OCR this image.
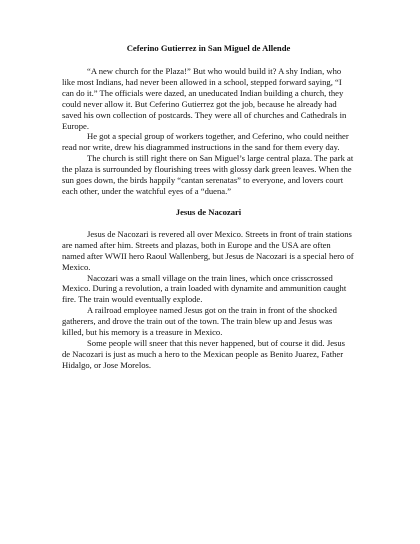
Ceferino Gutierrez in San Miguel de Allende

“A new church for the Plaza!” But who would build it? A shy Indian, who like most Indians, had never been allowed in a school, stepped forward saying, “I can do it.” The officials were dazed, an uneducated Indian building a church, they could never allow it. But Ceferino Gutierrez got the job, because he already had saved his own collection of postcards. They were all of churches and Cathedrals in Europe.

He got a special group of workers together, and Ceferino, who could neither read nor write, drew his diagrammed instructions in the sand for them every day.

The church is still right there on San Miguel’s large central plaza. The park at the plaza is surrounded by flourishing trees with glossy dark green leaves. When the sun goes down, the birds happily “cantan serenatas” to everyone, and lovers court each other, under the watchful eyes of a “duena.”

Jesus de Nacozari

Jesus de Nacozari is revered all over Mexico. Streets in front of train stations are named after him. Streets and plazas, both in Europe and the USA are often named after WWII hero Raoul Wallenberg, but Jesus de Nacozari is a special hero of Mexico.

Nacozari was a small village on the train lines, which once crisscrossed Mexico. During a revolution, a train loaded with dynamite and ammunition caught fire. The train would eventually explode.

A railroad employee named Jesus got on the train in front of the shocked gatherers, and drove the train out of the town. The train blew up and Jesus was killed, but his memory is a treasure in Mexico.

Some people will sneer that this never happened, but of course it did. Jesus de Nacozari is just as much a hero to the Mexican people as Benito Juarez, Father Hidalgo, or Jose Morelos.
